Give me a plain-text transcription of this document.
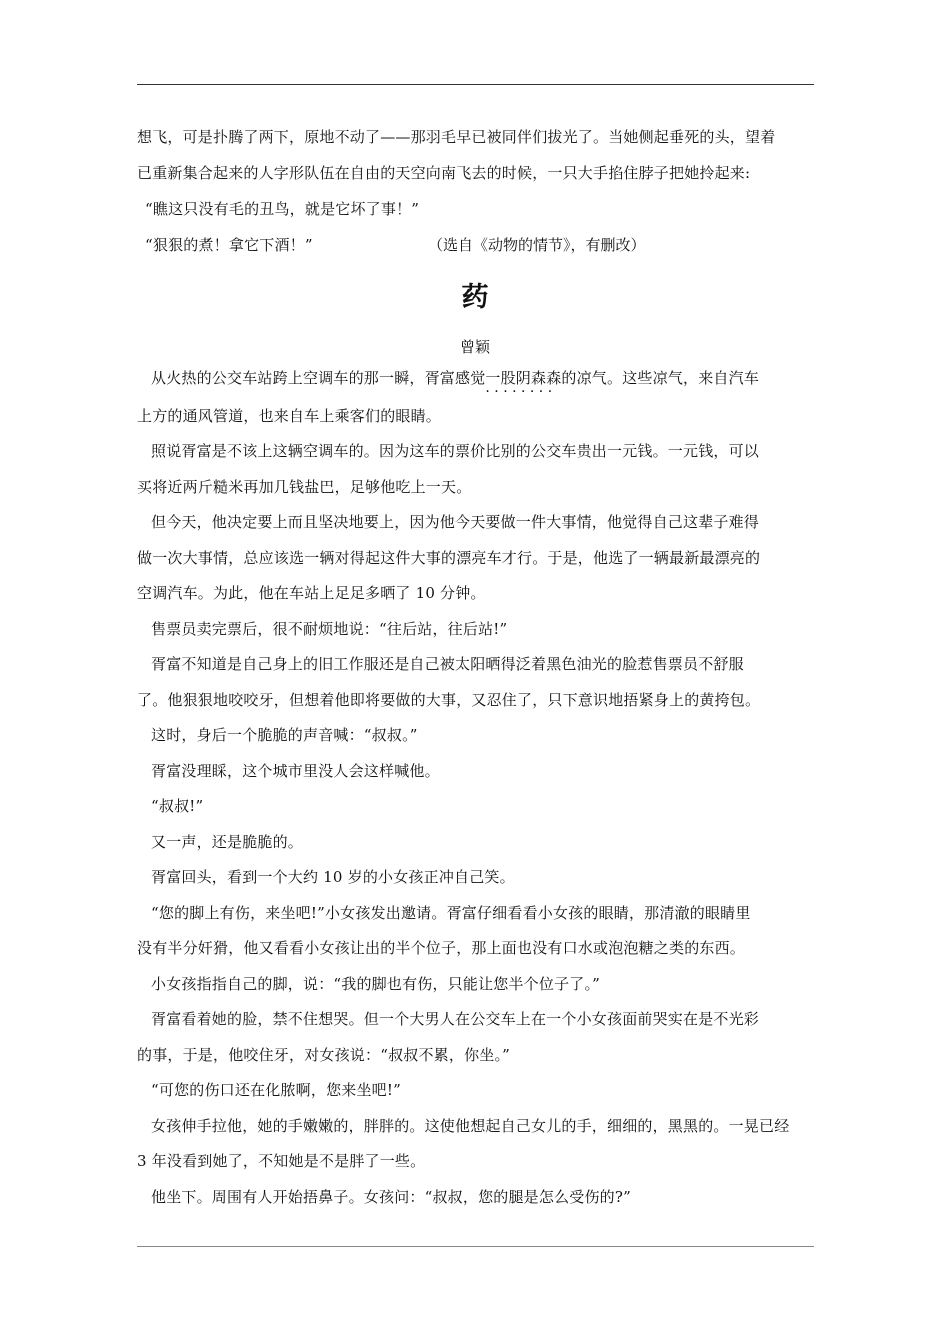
想飞，可是扑腾了两下，原地不动了——那羽毛早已被同伴们拔光了。当她侧起垂死的头，望着
已重新集合起来的人字形队伍在自由的天空向南飞去的时候，一只大手掐住脖子把她拎起来:
“瞧这只没有毛的丑鸟，就是它坏了事！”
“狠狠的煮！拿它下酒！”	（选自《动物的情节》，有删改）
药
曾颖
从火热的公交车站跨上空调车的那一瞬，胥富感觉一股阴森森的凉气 · · 。这些凉气，来自汽车
上方的通风管道，也来自车上乘客们的眼睛。
照说胥富是不该上这辆空调车的。因为这车的票价比别的公交车贵出一元钱。一元钱，可以
买将近两斤糙米再加几钱盐巴，足够他吃上一天。
但今天，他决定要上而且坚决地要上，因为他今天要做一件大事情，他觉得自己这辈子难得
做一次大事情，总应该选一辆对得起这件大事的漂亮车才行。于是，他选了一辆最新最漂亮的
空调汽车。为此，他在车站上足足多晒了 10 分钟。
售票员卖完票后，很不耐烦地说：“往后站，往后站!”
胥富不知道是自己身上的旧工作服还是自己被太阳晒得泛着黑色油光的脸惹售票员不舒服
了。他狠狠地咬咬牙，但想着他即将要做的大事，又忍住了，只下意识地捂紧身上的黄挎包。
这时，身后一个脆脆的声音喊：“叔叔。”
胥富没理睬，这个城市里没人会这样喊他。
“叔叔!”
又一声，还是脆脆的。
胥富回头，看到一个大约 10 岁的小女孩正冲自己笑。
“您的脚上有伤，来坐吧!”小女孩发出邀请。胥富仔细看看小女孩的眼睛，那清澈的眼睛里
没有半分奸猾，他又看看小女孩让出的半个位子，那上面也没有口水或泡泡糖之类的东西。
小女孩指指自己的脚，说：“我的脚也有伤，只能让您半个位子了。”
胥富看着她的脸，禁不住想哭。但一个大男人在公交车上在一个小女孩面前哭实在是不光彩
的事，于是，他咬住牙，对女孩说：“叔叔不累，你坐。”
“可您的伤口还在化脓啊，您来坐吧!”
女孩伸手拉他，她的手嫩嫩的，胖胖的。这使他想起自己女儿的手，细细的，黑黑的。一晃已经
3 年没看到她了，不知她是不是胖了一些。
他坐下。周围有人开始捂鼻子。女孩问：“叔叔，您的腿是怎么受伤的?”
